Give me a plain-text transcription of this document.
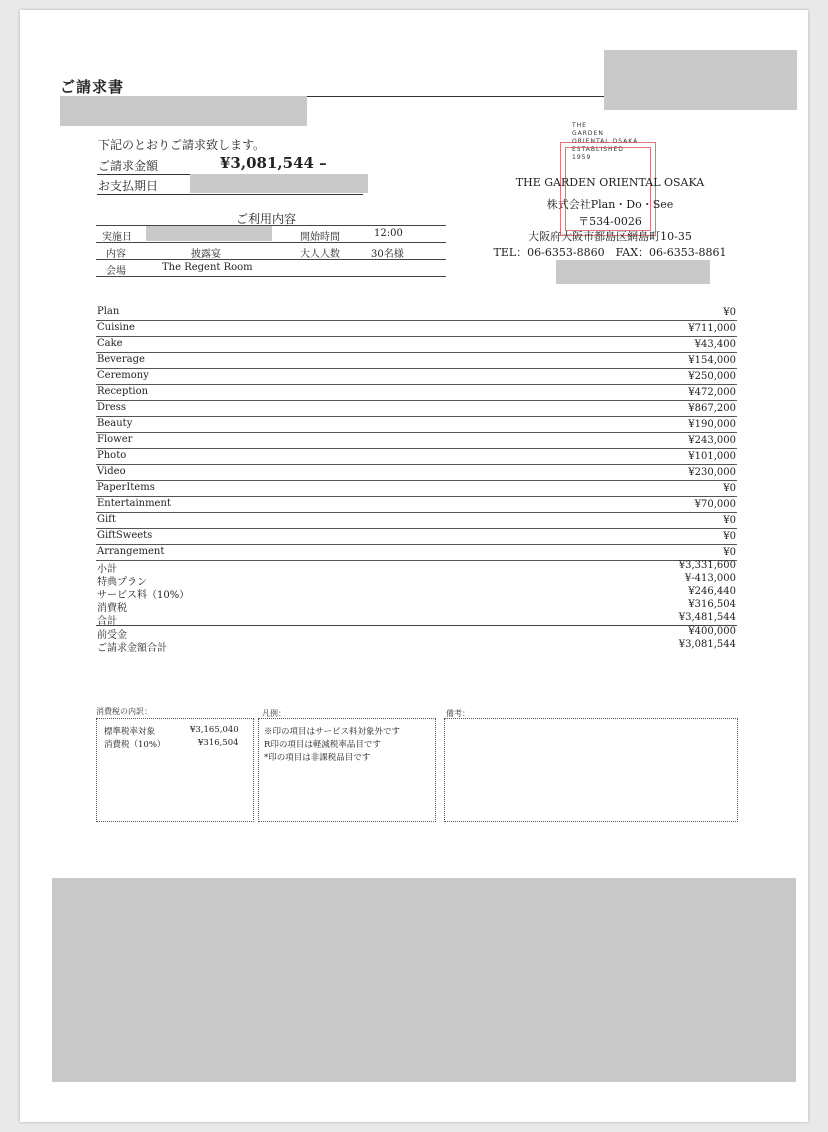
ご請求書
下記のとおりご請求致します。
ご請求金額	¥3,081,544 –
お支払期日
ご利用内容
実施日	開始時間	12:00
内容	披露宴	大人人数	30名様
会場	The Regent Room
THE
GARDEN
ORIENTAL OSAKA
ESTABLISHED
1959
THE GARDEN ORIENTAL OSAKA
株式会社Plan・Do・See
〒534-0026
大阪府大阪市都島区網島町10-35
TEL：06-6353-8860　FAX：06-6353-8861
Plan	¥0
Cuisine	¥711,000
Cake	¥43,400
Beverage	¥154,000
Ceremony	¥250,000
Reception	¥472,000
Dress	¥867,200
Beauty	¥190,000
Flower	¥243,000
Photo	¥101,000
Video	¥230,000
PaperItems	¥0
Entertainment	¥70,000
Gift	¥0
GiftSweets	¥0
Arrangement	¥0
小計	¥3,331,600
特典プラン	¥-413,000
サービス料（10%）	¥246,440
消費税	¥316,504
合計	¥3,481,544
前受金	¥400,000
ご請求金額合計	¥3,081,544
消費税の内訳：
標準税率対象	¥3,165,040
消費税（10%）	¥316,504
凡例：
※印の項目はサービス料対象外です
R印の項目は軽減税率品目です
*印の項目は非課税品目です
備考：
